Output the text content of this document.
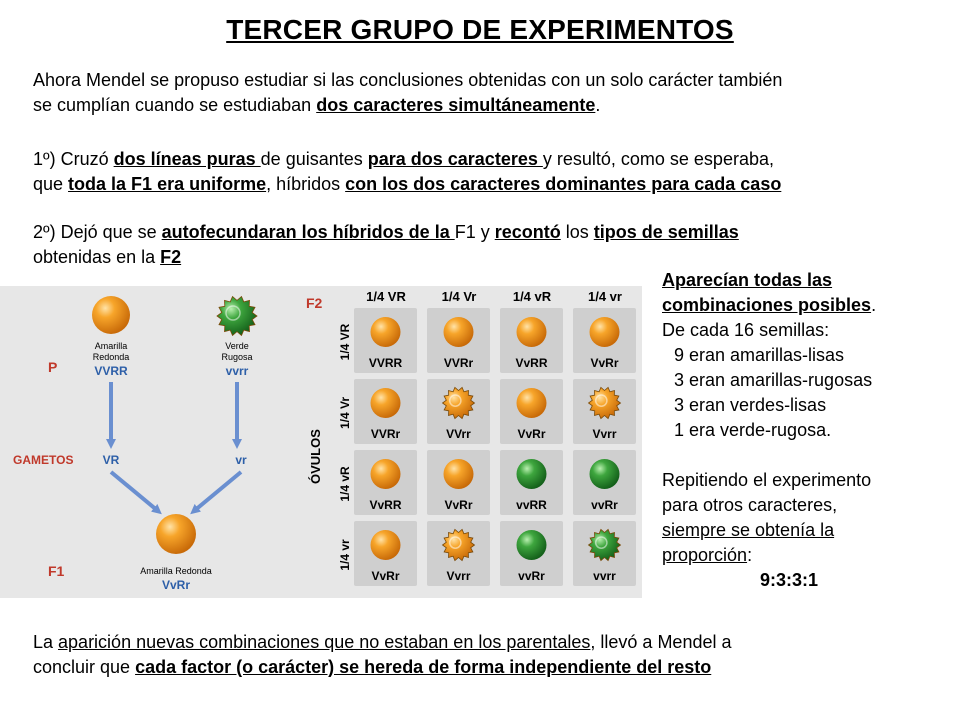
TERCER GRUPO DE EXPERIMENTOS

Ahora Mendel se propuso estudiar si las conclusiones obtenidas con un solo carácter también
se cumplían cuando se estudiaban dos caracteres simultáneamente.

1º) Cruzó dos líneas puras de guisantes para dos caracteres y resultó, como se esperaba,
que toda la F1 era uniforme, híbridos con los dos caracteres dominantes para cada caso

2º) Dejó que se autofecundaran los híbridos de la F1 y recontó los tipos de semillas
obtenidas en la F2

Amarilla
Redonda
VVRR
Verde
Rugosa
vvrr
P
GAMETOS VR	vr
Amarilla Redonda
VvRr
F1
F2
ÓVULOS
1/4 VR	1/4 Vr	1/4 vR	1/4 vr
1/4 VR
1/4 Vr
1/4 vR
1/4 vr
VVRR	VVRr	VvRR	VvRr
VVRr	VVrr	VvRr	Vvrr
VvRR	VvRr	vvRR	vvRr
VvRr	Vvrr	vvRr	vvrr
Aparecían todas las
combinaciones posibles.
De cada 16 semillas:
9 eran amarillas-lisas
3 eran amarillas-rugosas
3 eran verdes-lisas
1 era verde-rugosa.
Repitiendo el experimento
para otros caracteres,
siempre se obtenía la
proporción:
9:3:3:1

La aparición nuevas combinaciones que no estaban en los parentales, llevó a Mendel a
concluir que cada factor (o carácter) se hereda de forma independiente del resto
